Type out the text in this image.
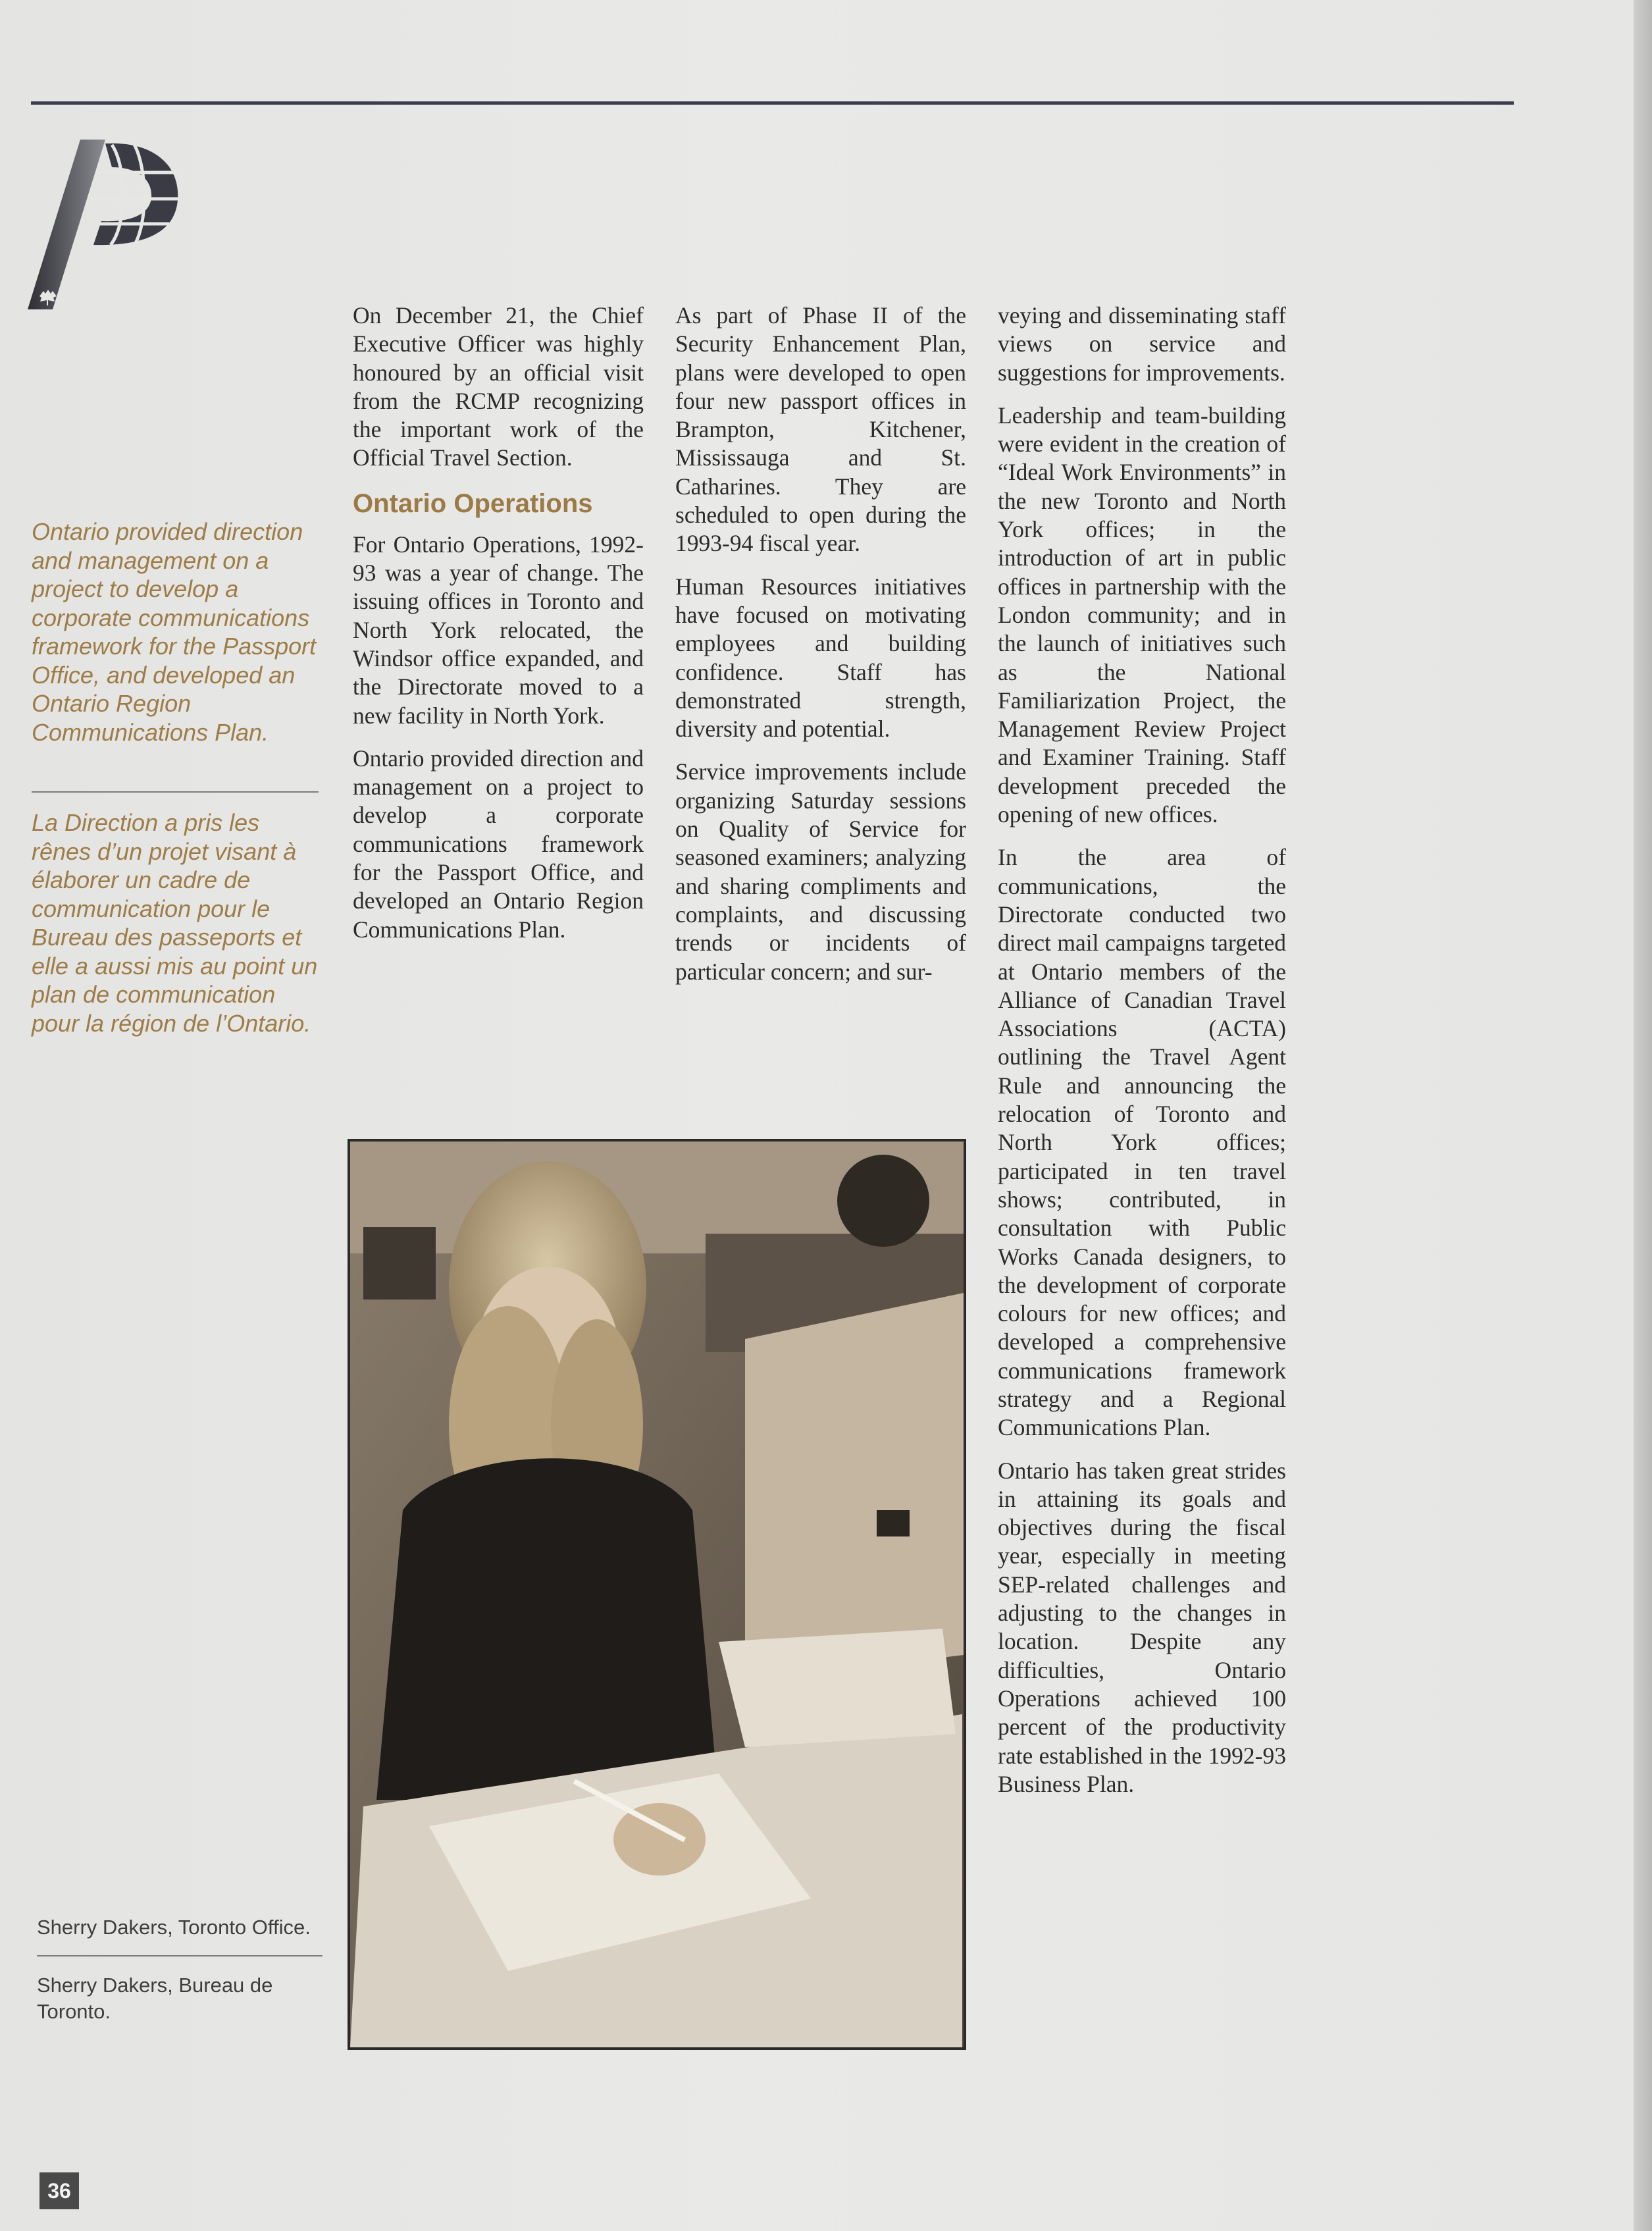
Ontario provided direction and management on a project to develop a corporate communications framework for the Passport Office, and developed an Ontario Region Communications Plan.

La Direction a pris les rênes d’un projet visant à élaborer un cadre de communication pour le Bureau des passeports et elle a aussi mis au point un plan de communication pour la région de l’Ontario.

On December 21, the Chief Executive Officer was highly honoured by an official visit from the RCMP recognizing the important work of the Official Travel Section.

Ontario Operations

For Ontario Operations, 1992-93 was a year of change. The issuing offices in Toronto and North York relocated, the Windsor office expanded, and the Directorate moved to a new facility in North York.

Ontario provided direction and management on a project to develop a corporate communications framework for the Passport Office, and developed an Ontario Region Communications Plan.

As part of Phase II of the Security Enhancement Plan, plans were developed to open four new passport offices in Brampton, Kitchener, Mississauga and St. Catharines. They are scheduled to open during the 1993-94 fiscal year.

Human Resources initiatives have focused on motivating employees and building confidence. Staff has demonstrated strength, diversity and potential.

Service improvements include organizing Saturday sessions on Quality of Service for seasoned examiners; analyzing and sharing compliments and complaints, and discussing trends or incidents of particular concern; and sur-

veying and disseminating staff views on service and suggestions for improvements.

Leadership and team-building were evident in the creation of “Ideal Work Environments” in the new Toronto and North York offices; in the introduction of art in public offices in partnership with the London community; and in the launch of initiatives such as the National Familiarization Project, the Management Review Project and Examiner Training. Staff development preceded the opening of new offices.

In the area of communications, the Directorate conducted two direct mail campaigns targeted at Ontario members of the Alliance of Canadian Travel Associations (ACTA) outlining the Travel Agent Rule and announcing the relocation of Toronto and North York offices; participated in ten travel shows; contributed, in consultation with Public Works Canada designers, to the development of corporate colours for new offices; and developed a comprehensive communications framework strategy and a Regional Communications Plan.

Ontario has taken great strides in attaining its goals and objectives during the fiscal year, especially in meeting SEP-related challenges and adjusting to the changes in location. Despite any difficulties, Ontario Operations achieved 100 percent of the productivity rate established in the 1992-93 Business Plan.

Sherry Dakers, Toronto Office.

Sherry Dakers, Bureau de Toronto.

36
